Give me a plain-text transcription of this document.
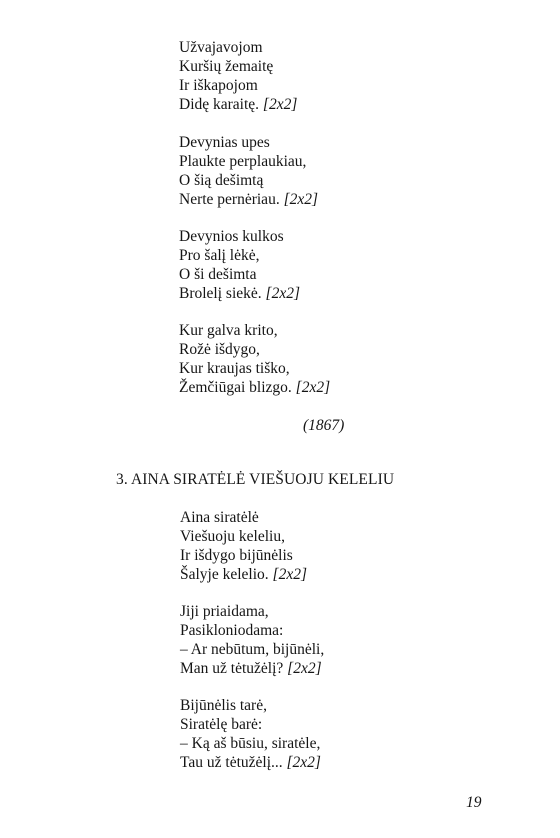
Užvajavojom
Kuršių žemaitę
Ir iškapojom
Didę karaitę. [2x2]
Devynias upes
Plaukte perplaukiau,
O šią dešimtą
Nerte pernėriau. [2x2]
Devynios kulkos
Pro šalį lėkė,
O ši dešimta
Brolelį siekė. [2x2]
Kur galva krito,
Rožė išdygo,
Kur kraujas tiško,
Žemčiūgai blizgo. [2x2]
(1867)
3. AINA SIRATĖLĖ VIEŠUOJU KELELIU
Aina siratėlė
Viešuoju keleliu,
Ir išdygo bijūnėlis
Šalyje kelelio. [2x2]
Jiji priaidama,
Pasikloniodama:
– Ar nebūtum, bijūnėli,
Man už tėtužėlį? [2x2]
Bijūnėlis tarė,
Siratėlę barė:
– Ką aš būsiu, siratėle,
Tau už tėtužėlį... [2x2]
19
